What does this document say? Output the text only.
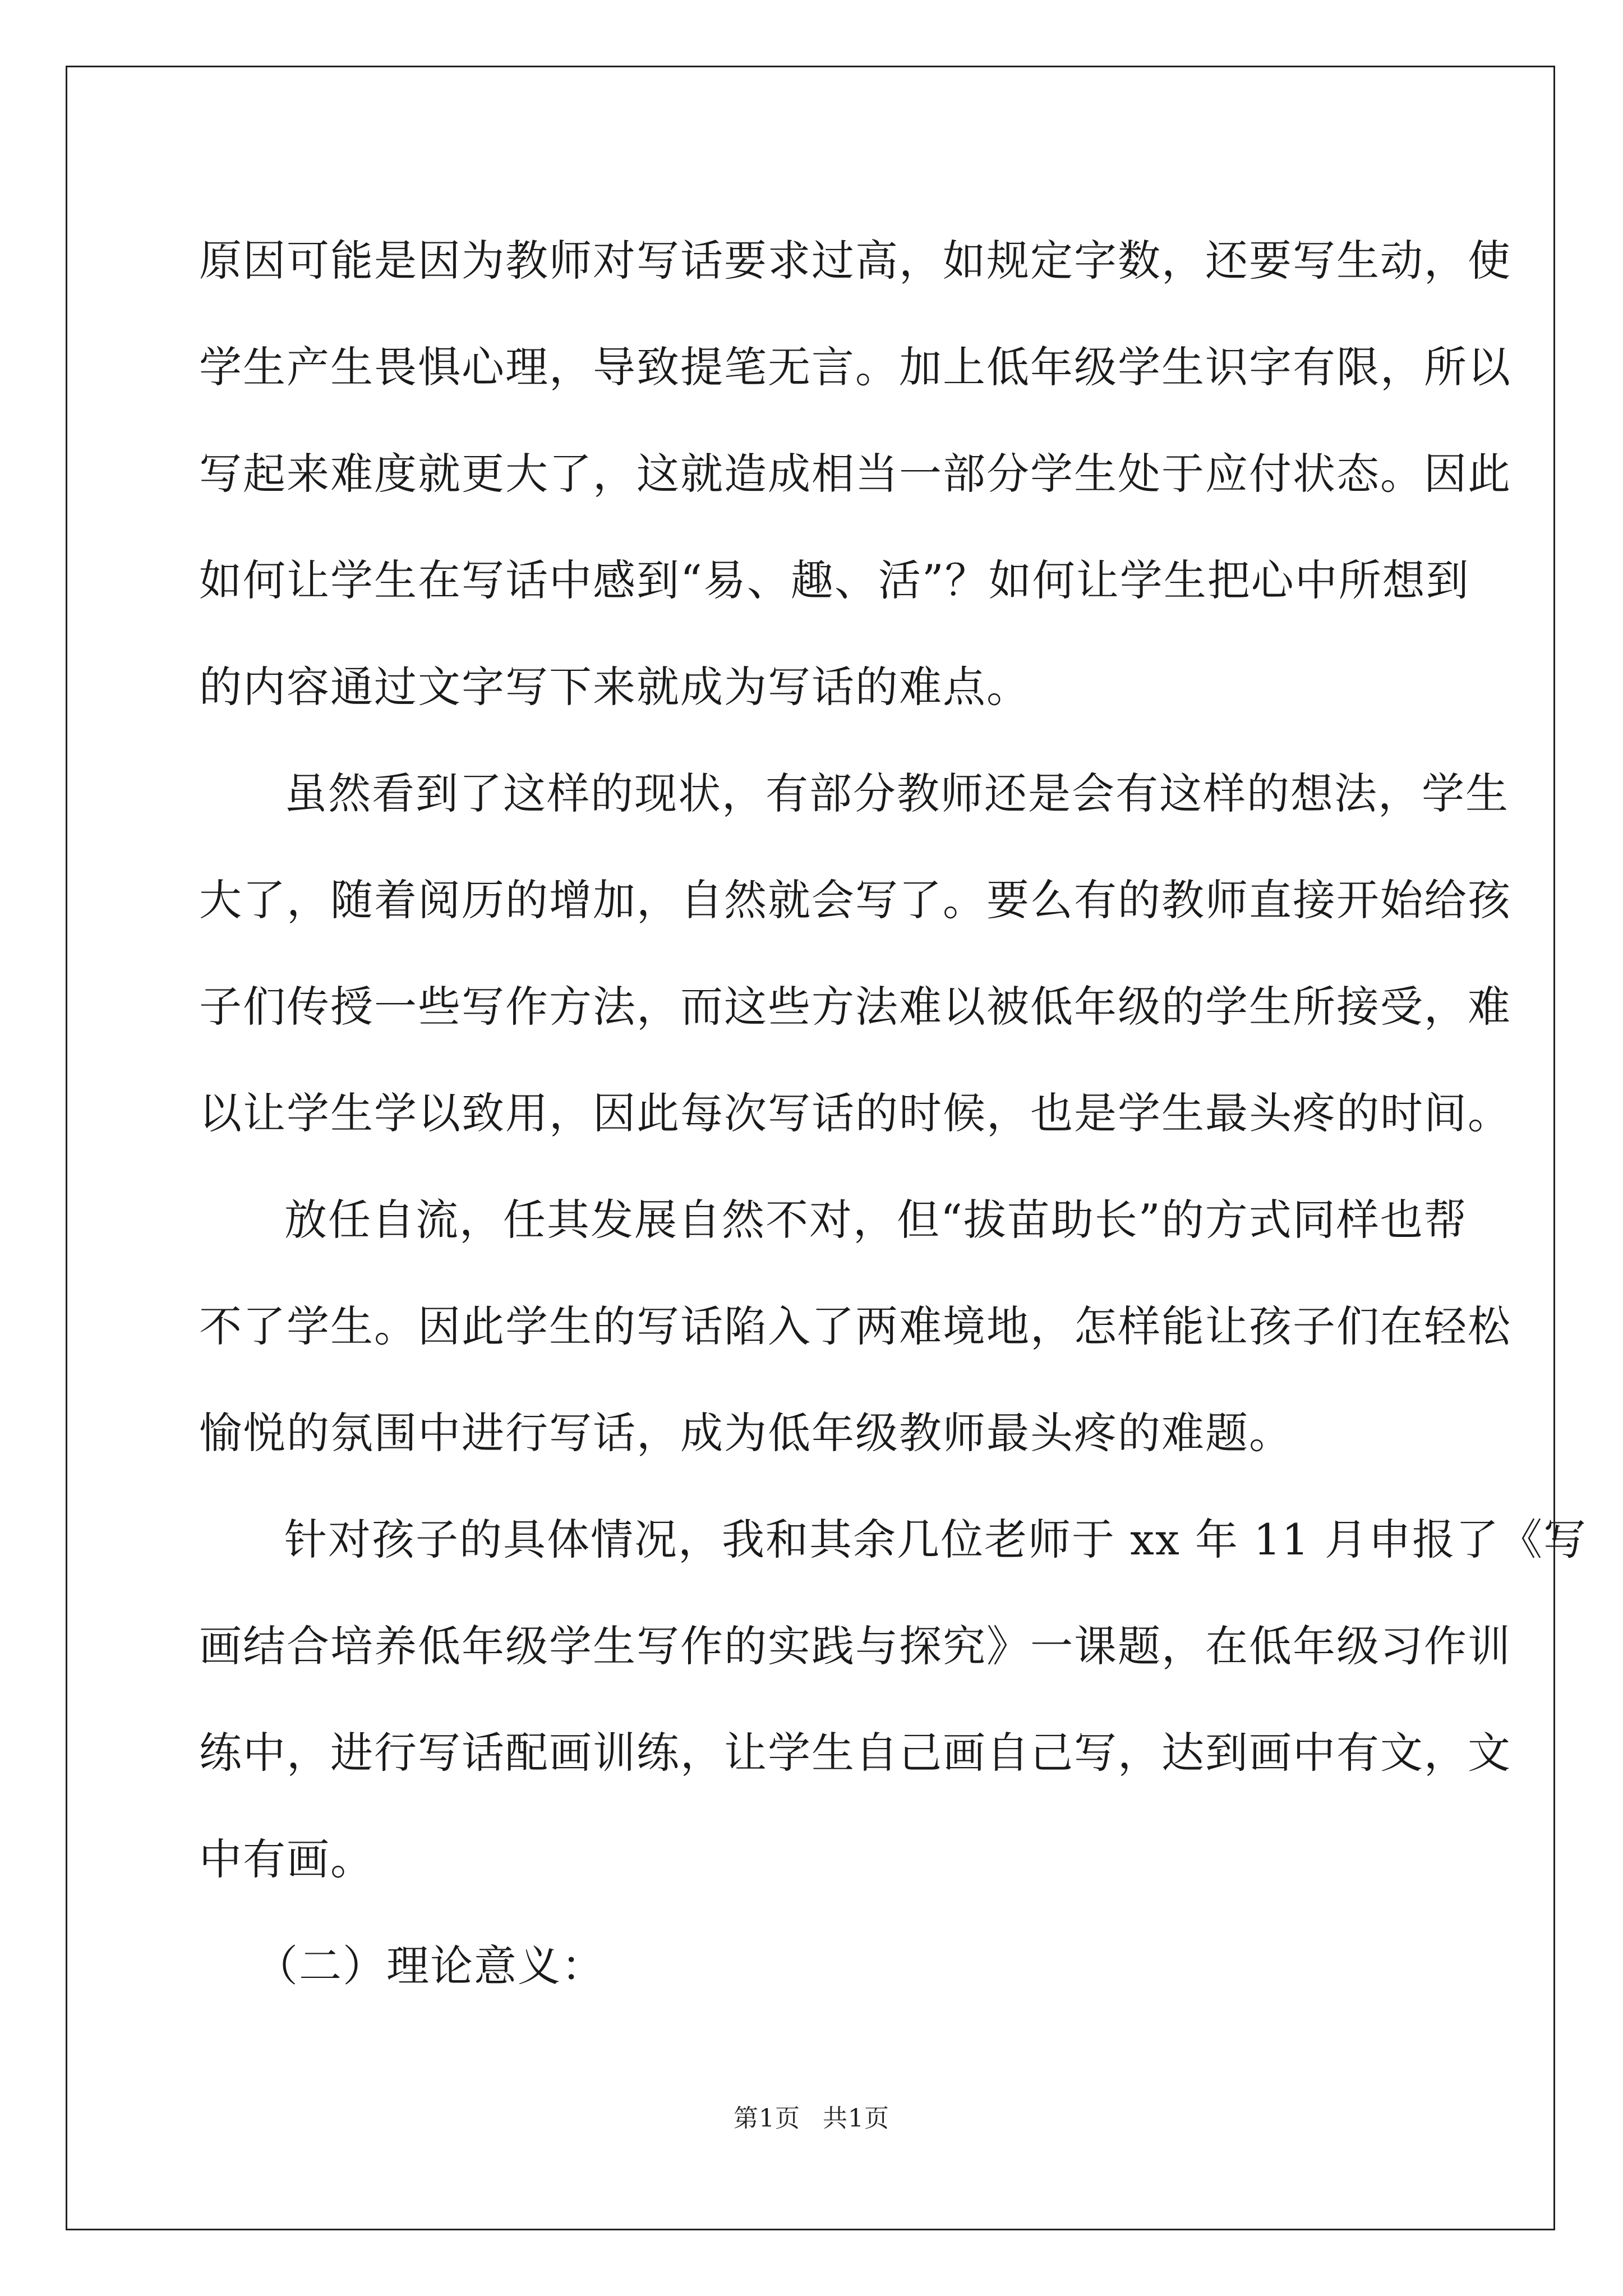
原因可能是因为教师对写话要求过高，如规定字数，还要写生动，使
学生产生畏惧心理，导致提笔无言。加上低年级学生识字有限，所以
写起来难度就更大了，这就造成相当一部分学生处于应付状态。因此
如何让学生在写话中感到“易、趣、活”？如何让学生把心中所想到
的内容通过文字写下来就成为写话的难点。
虽然看到了这样的现状，有部分教师还是会有这样的想法，学生
大了，随着阅历的增加，自然就会写了。要么有的教师直接开始给孩
子们传授一些写作方法，而这些方法难以被低年级的学生所接受，难
以让学生学以致用，因此每次写话的时候，也是学生最头疼的时间。
放任自流，任其发展自然不对，但“拔苗助长”的方式同样也帮
不了学生。因此学生的写话陷入了两难境地，怎样能让孩子们在轻松
愉悦的氛围中进行写话，成为低年级教师最头疼的难题。
针对孩子的具体情况，我和其余几位老师于 xx 年 11 月申报了《写
画结合培养低年级学生写作的实践与探究》一课题，在低年级习作训
练中，进行写话配画训练，让学生自己画自己写，达到画中有文，文
中有画。
（二）理论意义：
第1页 共1页
